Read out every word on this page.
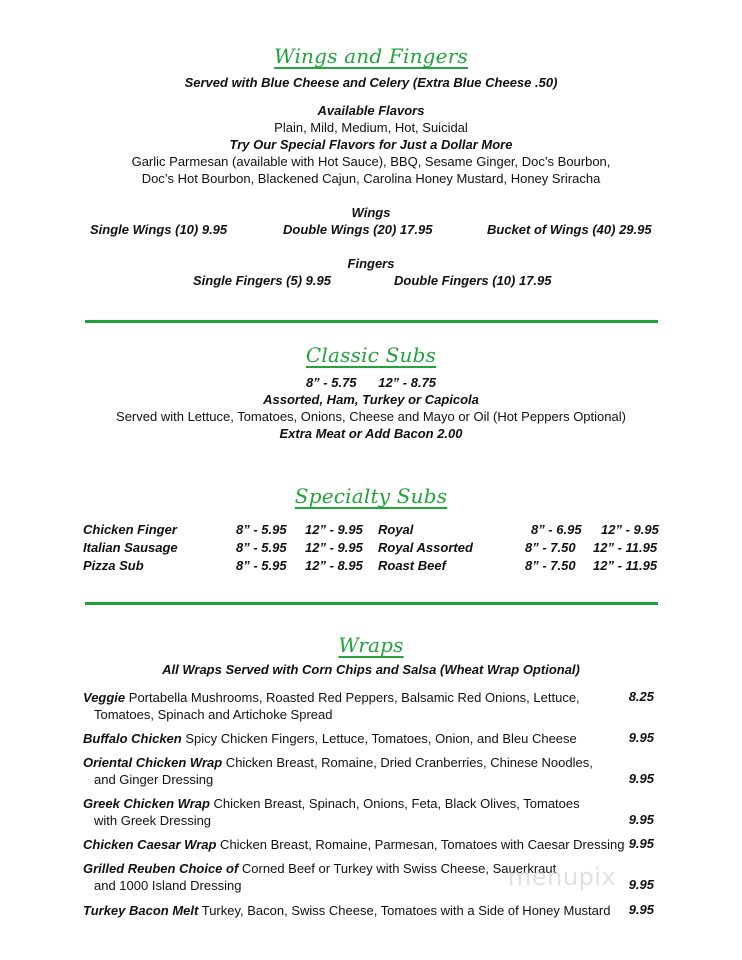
Wings and Fingers
Served with Blue Cheese and Celery (Extra Blue Cheese .50)
Available Flavors
Plain, Mild, Medium, Hot, Suicidal
Try Our Special Flavors for Just a Dollar More
Garlic Parmesan (available with Hot Sauce), BBQ, Sesame Ginger, Doc’s Bourbon,
Doc’s Hot Bourbon, Blackened Cajun, Carolina Honey Mustard, Honey Sriracha
Wings
Single Wings (10) 9.95	Double Wings (20) 17.95	Bucket of Wings (40) 29.95
Fingers
Single Fingers (5) 9.95	Double Fingers (10) 17.95
Classic Subs
8” - 5.75      12” - 8.75
Assorted, Ham, Turkey or Capicola
Served with Lettuce, Tomatoes, Onions, Cheese and Mayo or Oil (Hot Peppers Optional)
Extra Meat or Add Bacon 2.00
Specialty Subs
Chicken Finger	8” - 5.95 12” - 9.95 Royal	8” - 6.95 12” - 9.95
Italian Sausage	8” - 5.95 12” - 9.95 Royal Assorted	8” - 7.50 12” - 11.95
Pizza Sub	8” - 5.95 12” - 8.95 Roast Beef	8” - 7.50 12” - 11.95
Wraps
All Wraps Served with Corn Chips and Salsa (Wheat Wrap Optional)
Veggie Portabella Mushrooms, Roasted Red Peppers, Balsamic Red Onions, Lettuce,
Tomatoes, Spinach and Artichoke Spread
8.25
Buffalo Chicken Spicy Chicken Fingers, Lettuce, Tomatoes, Onion, and Bleu Cheese	9.95
Oriental Chicken Wrap Chicken Breast, Romaine, Dried Cranberries, Chinese Noodles,
and Ginger Dressing	9.95
Greek Chicken Wrap Chicken Breast, Spinach, Onions, Feta, Black Olives, Tomatoes
with Greek Dressing	9.95
Chicken Caesar Wrap Chicken Breast, Romaine, Parmesan, Tomatoes with Caesar Dressing 9.95
Grilled Reuben Choice of Corned Beef or Turkey with Swiss Cheese, Sauerkraut
and 1000 Island Dressing	9.95
Turkey Bacon Melt Turkey, Bacon, Swiss Cheese, Tomatoes with a Side of Honey Mustard	9.95
menupix
